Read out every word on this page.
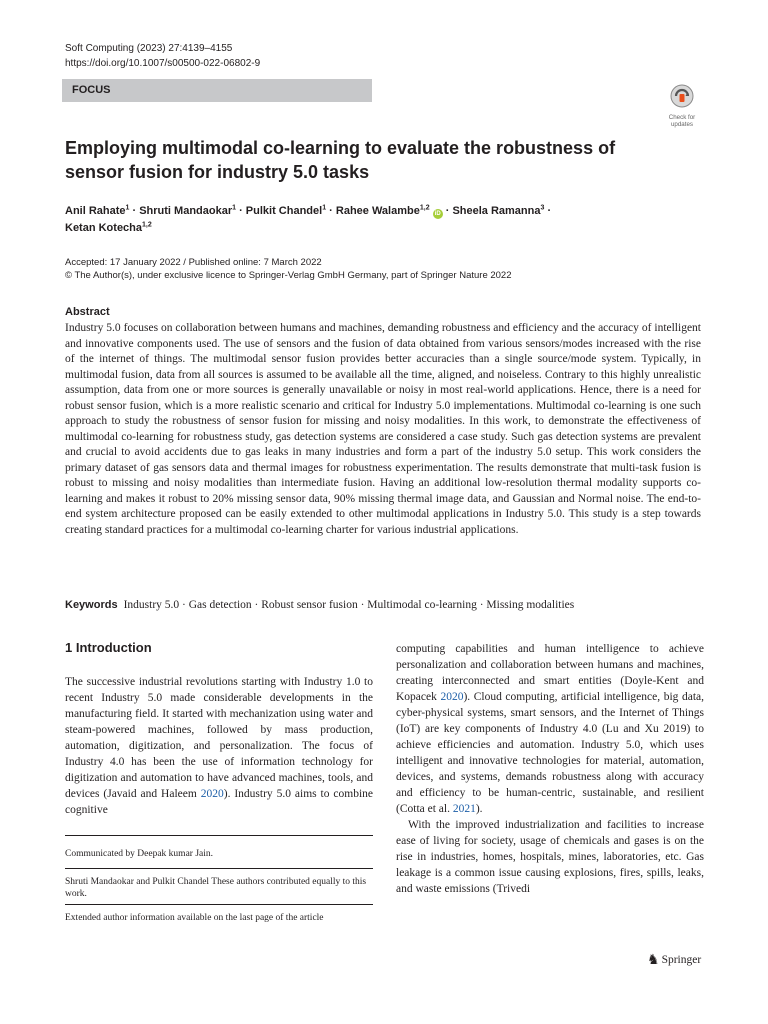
Soft Computing (2023) 27:4139–4155
https://doi.org/10.1007/s00500-022-06802-9
FOCUS
Check for
updates
Employing multimodal co-learning to evaluate the robustness of sensor fusion for industry 5.0 tasks
Anil Rahate$^1$ · Shruti Mandaokar$^1$ · Pulkit Chandel$^1$ · Rahee Walambe$^{1,2}$ iD · Sheela Ramanna$^3$ ·
Ketan Kotecha$^{1,2}$
Accepted: 17 January 2022 / Published online: 7 March 2022
© The Author(s), under exclusive licence to Springer-Verlag GmbH Germany, part of Springer Nature 2022
Abstract
Industry 5.0 focuses on collaboration between humans and machines, demanding robustness and efficiency and the accuracy of intelligent and innovative components used. The use of sensors and the fusion of data obtained from various sensors/modes increased with the rise of the internet of things. The multimodal sensor fusion provides better accuracies than a single source/mode system. Typically, in multimodal fusion, data from all sources is assumed to be available all the time, aligned, and noiseless. Contrary to this highly unrealistic assumption, data from one or more sources is generally unavailable or noisy in most real-world applications. Hence, there is a need for robust sensor fusion, which is a more realistic scenario and critical for Industry 5.0 implementations. Multimodal co-learning is one such approach to study the robustness of sensor fusion for missing and noisy modalities. In this work, to demonstrate the effectiveness of multimodal co-learning for robustness study, gas detection systems are considered a case study. Such gas detection systems are prevalent and crucial to avoid accidents due to gas leaks in many industries and form a part of the industry 5.0 setup. This work considers the primary dataset of gas sensors data and thermal images for robustness experimentation. The results demonstrate that multi-task fusion is robust to missing and noisy modalities than intermediate fusion. Having an additional low-resolution thermal modality supports co-learning and makes it robust to 20% missing sensor data, 90% missing thermal image data, and Gaussian and Normal noise. The end-to-end system architecture proposed can be easily extended to other multimodal applications in Industry 5.0. This study is a step towards creating standard practices for a multimodal co-learning charter for various industrial applications.
Keywords Industry 5.0 · Gas detection · Robust sensor fusion · Multimodal co-learning · Missing modalities
1 Introduction

The successive industrial revolutions starting with Industry 1.0 to recent Industry 5.0 made considerable developments in the manufacturing field. It started with mechanization using water and steam-powered machines, followed by mass production, automation, digitization, and personalization. The focus of Industry 4.0 has been the use of information technology for digitization and automation to have advanced machines, tools, and devices (Javaid and Haleem 2020). Industry 5.0 aims to combine cognitive

computing capabilities and human intelligence to achieve personalization and collaboration between humans and machines, creating interconnected and smart entities (Doyle-Kent and Kopacek 2020). Cloud computing, artificial intelligence, big data, cyber-physical systems, smart sensors, and the Internet of Things (IoT) are key components of Industry 4.0 (Lu and Xu 2019) to achieve efficiencies and automation. Industry 5.0, which uses intelligent and innovative technologies for material, automation, devices, and systems, demands robustness along with accuracy and efficiency to be human-centric, sustainable, and resilient (Cotta et al. 2021).

With the improved industrialization and facilities to increase ease of living for society, usage of chemicals and gases is on the rise in industries, homes, hospitals, mines, laboratories, etc. Gas leakage is a common issue causing explosions, fires, spills, leaks, and waste emissions (Trivedi

Communicated by Deepak kumar Jain.
Shruti Mandaokar and Pulkit Chandel These authors contributed equally to this work.
Extended author information available on the last page of the article
♞ Springer
